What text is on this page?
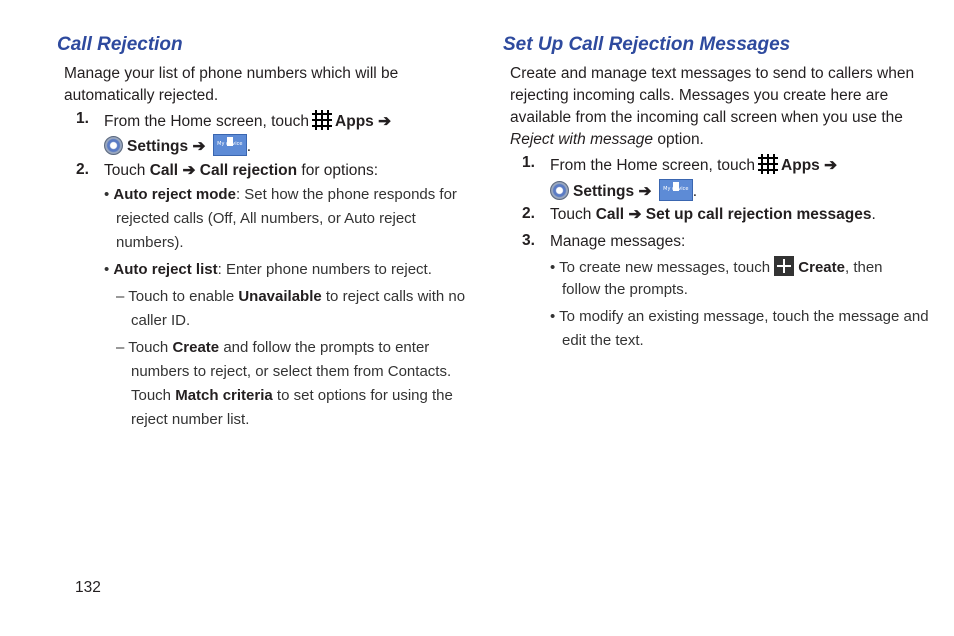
Call Rejection
Manage your list of phone numbers which will be
automatically rejected.
1. From the Home screen, touch Apps ➔
Settings ➔	My device .
2. Touch Call ➔ Call rejection for options:
• Auto reject mode: Set how the phone responds for
rejected calls (Off, All numbers, or Auto reject
numbers).
• Auto reject list: Enter phone numbers to reject.
– Touch to enable Unavailable to reject calls with no
caller ID.
– Touch Create and follow the prompts to enter
numbers to reject, or select them from Contacts.
Touch Match criteria to set options for using the
reject number list.
Set Up Call Rejection Messages
Create and manage text messages to send to callers when
rejecting incoming calls. Messages you create here are
available from the incoming call screen when you use the
Reject with message option.
1. From the Home screen, touch Apps ➔
Settings ➔	My device .
2. Touch Call ➔ Set up call rejection messages.
3. Manage messages:
• To create new messages, touch Create, then
follow the prompts.
• To modify an existing message, touch the message and
edit the text.
132
